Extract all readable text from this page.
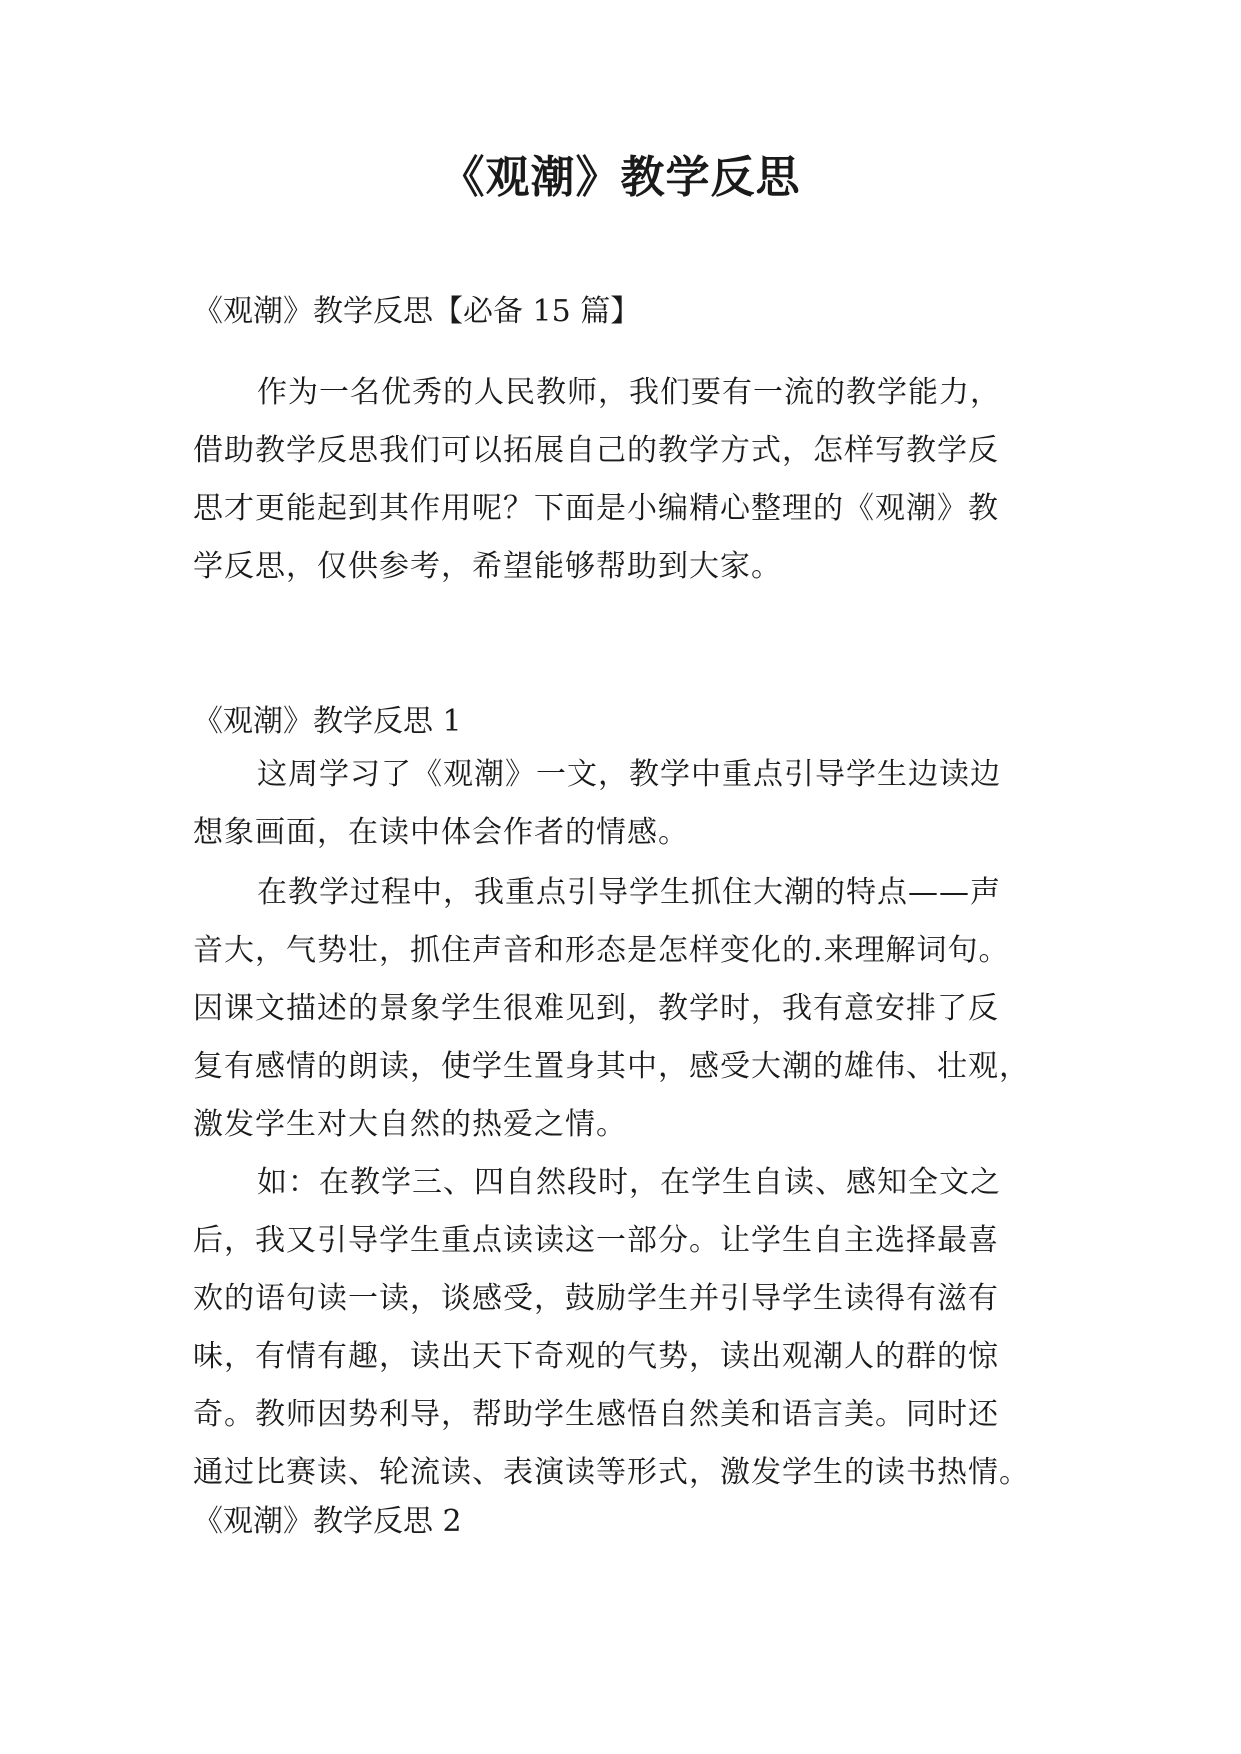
《观潮》教学反思
《观潮》教学反思【必备 15 篇】

作为一名优秀的人民教师，我们要有一流的教学能力，
借助教学反思我们可以拓展自己的教学方式，怎样写教学反
思才更能起到其作用呢？下面是小编精心整理的《观潮》教
学反思，仅供参考，希望能够帮助到大家。

《观潮》教学反思 1

这周学习了《观潮》一文，教学中重点引导学生边读边
想象画面，在读中体会作者的情感。

在教学过程中，我重点引导学生抓住大潮的特点——声
音大，气势壮，抓住声音和形态是怎样变化的.来理解词句。
因课文描述的景象学生很难见到，教学时，我有意安排了反
复有感情的朗读，使学生置身其中，感受大潮的雄伟、壮观，
激发学生对大自然的热爱之情。

如：在教学三、四自然段时，在学生自读、感知全文之
后，我又引导学生重点读读这一部分。让学生自主选择最喜
欢的语句读一读，谈感受，鼓励学生并引导学生读得有滋有
味，有情有趣，读出天下奇观的气势，读出观潮人的群的惊
奇。教师因势利导，帮助学生感悟自然美和语言美。同时还
通过比赛读、轮流读、表演读等形式，激发学生的读书热情。

《观潮》教学反思 2
